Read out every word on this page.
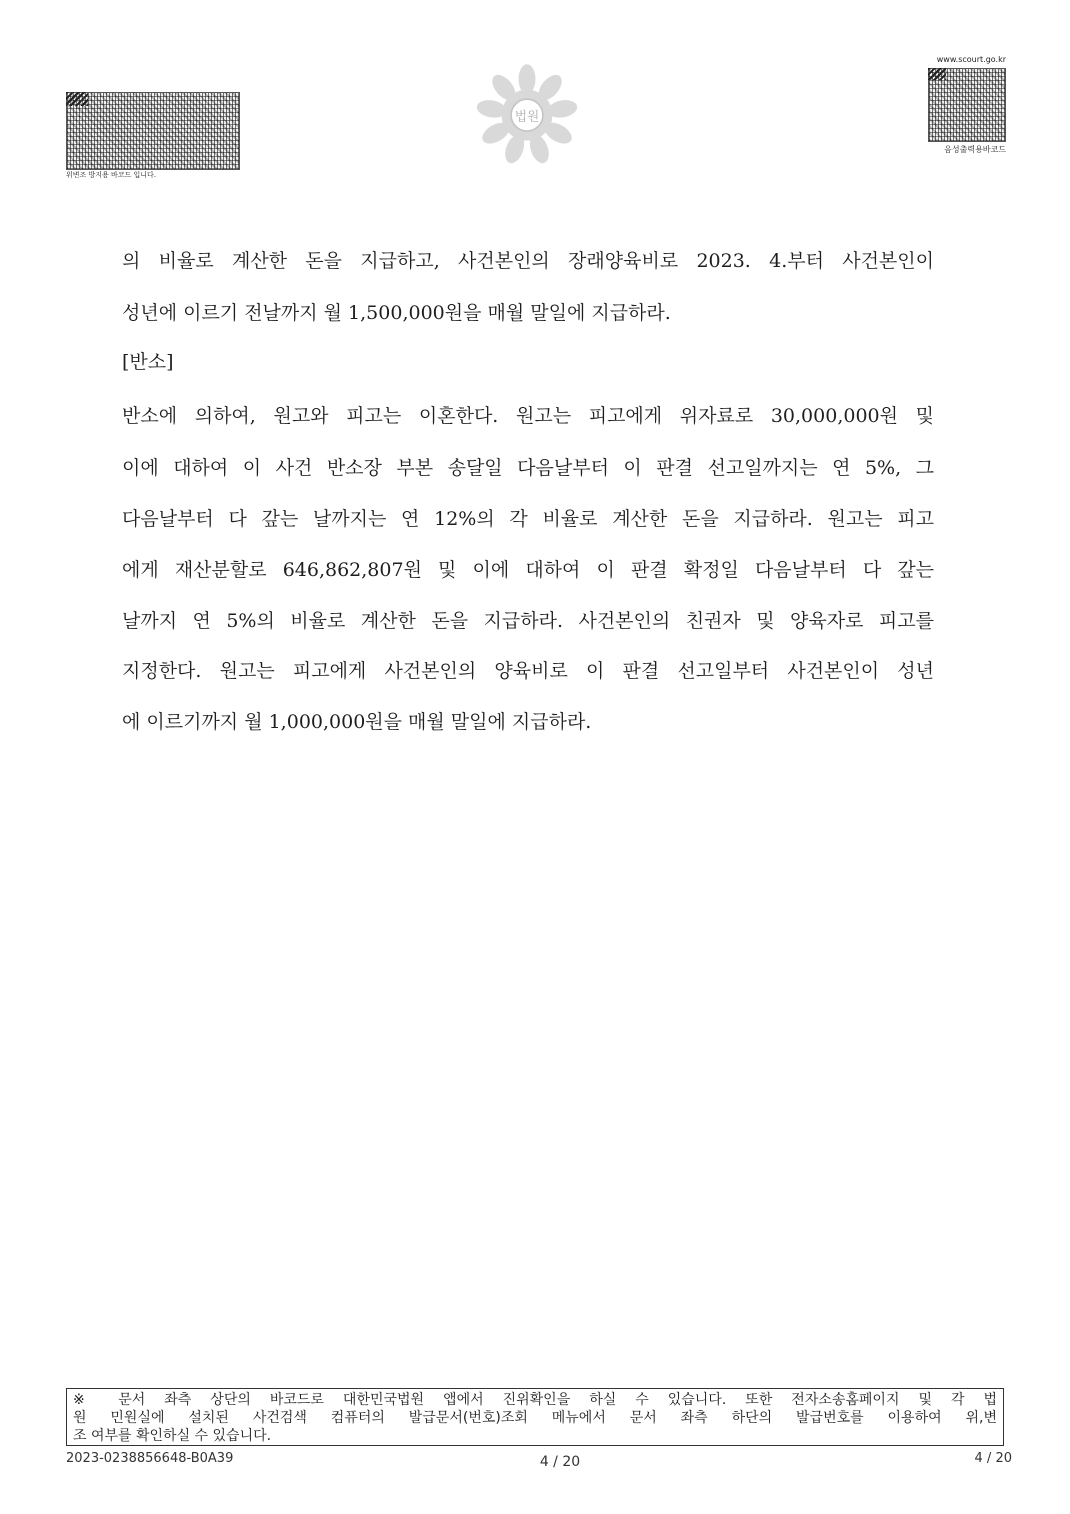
위변조 방지용 바코드 입니다.
법원
www.scourt.go.kr
음성출력용바코드
의 비율로 계산한 돈을 지급하고, 사건본인의 장래양육비로 2023. 4.부터 사건본인이
성년에 이르기 전날까지 월 1,500,000원을 매월 말일에 지급하라.
[반소]
반소에 의하여, 원고와 피고는 이혼한다. 원고는 피고에게 위자료로 30,000,000원 및
이에 대하여 이 사건 반소장 부본 송달일 다음날부터 이 판결 선고일까지는 연 5%, 그
다음날부터 다 갚는 날까지는 연 12%의 각 비율로 계산한 돈을 지급하라. 원고는 피고
에게 재산분할로 646,862,807원 및 이에 대하여 이 판결 확정일 다음날부터 다 갚는
날까지 연 5%의 비율로 계산한 돈을 지급하라. 사건본인의 친권자 및 양육자로 피고를
지정한다. 원고는 피고에게 사건본인의 양육비로 이 판결 선고일부터 사건본인이 성년
에 이르기까지 월 1,000,000원을 매월 말일에 지급하라.
※ 문서 좌측 상단의 바코드로 대한민국법원 앱에서 진위확인을 하실 수 있습니다. 또한 전자소송홈페이지 및 각 법
원 민원실에 설치된 사건검색 컴퓨터의 발급문서(번호)조회 메뉴에서 문서 좌측 하단의 발급번호를 이용하여 위,변
조 여부를 확인하실 수 있습니다.
2023-0238856648-B0A39	4 / 20	4 / 20
